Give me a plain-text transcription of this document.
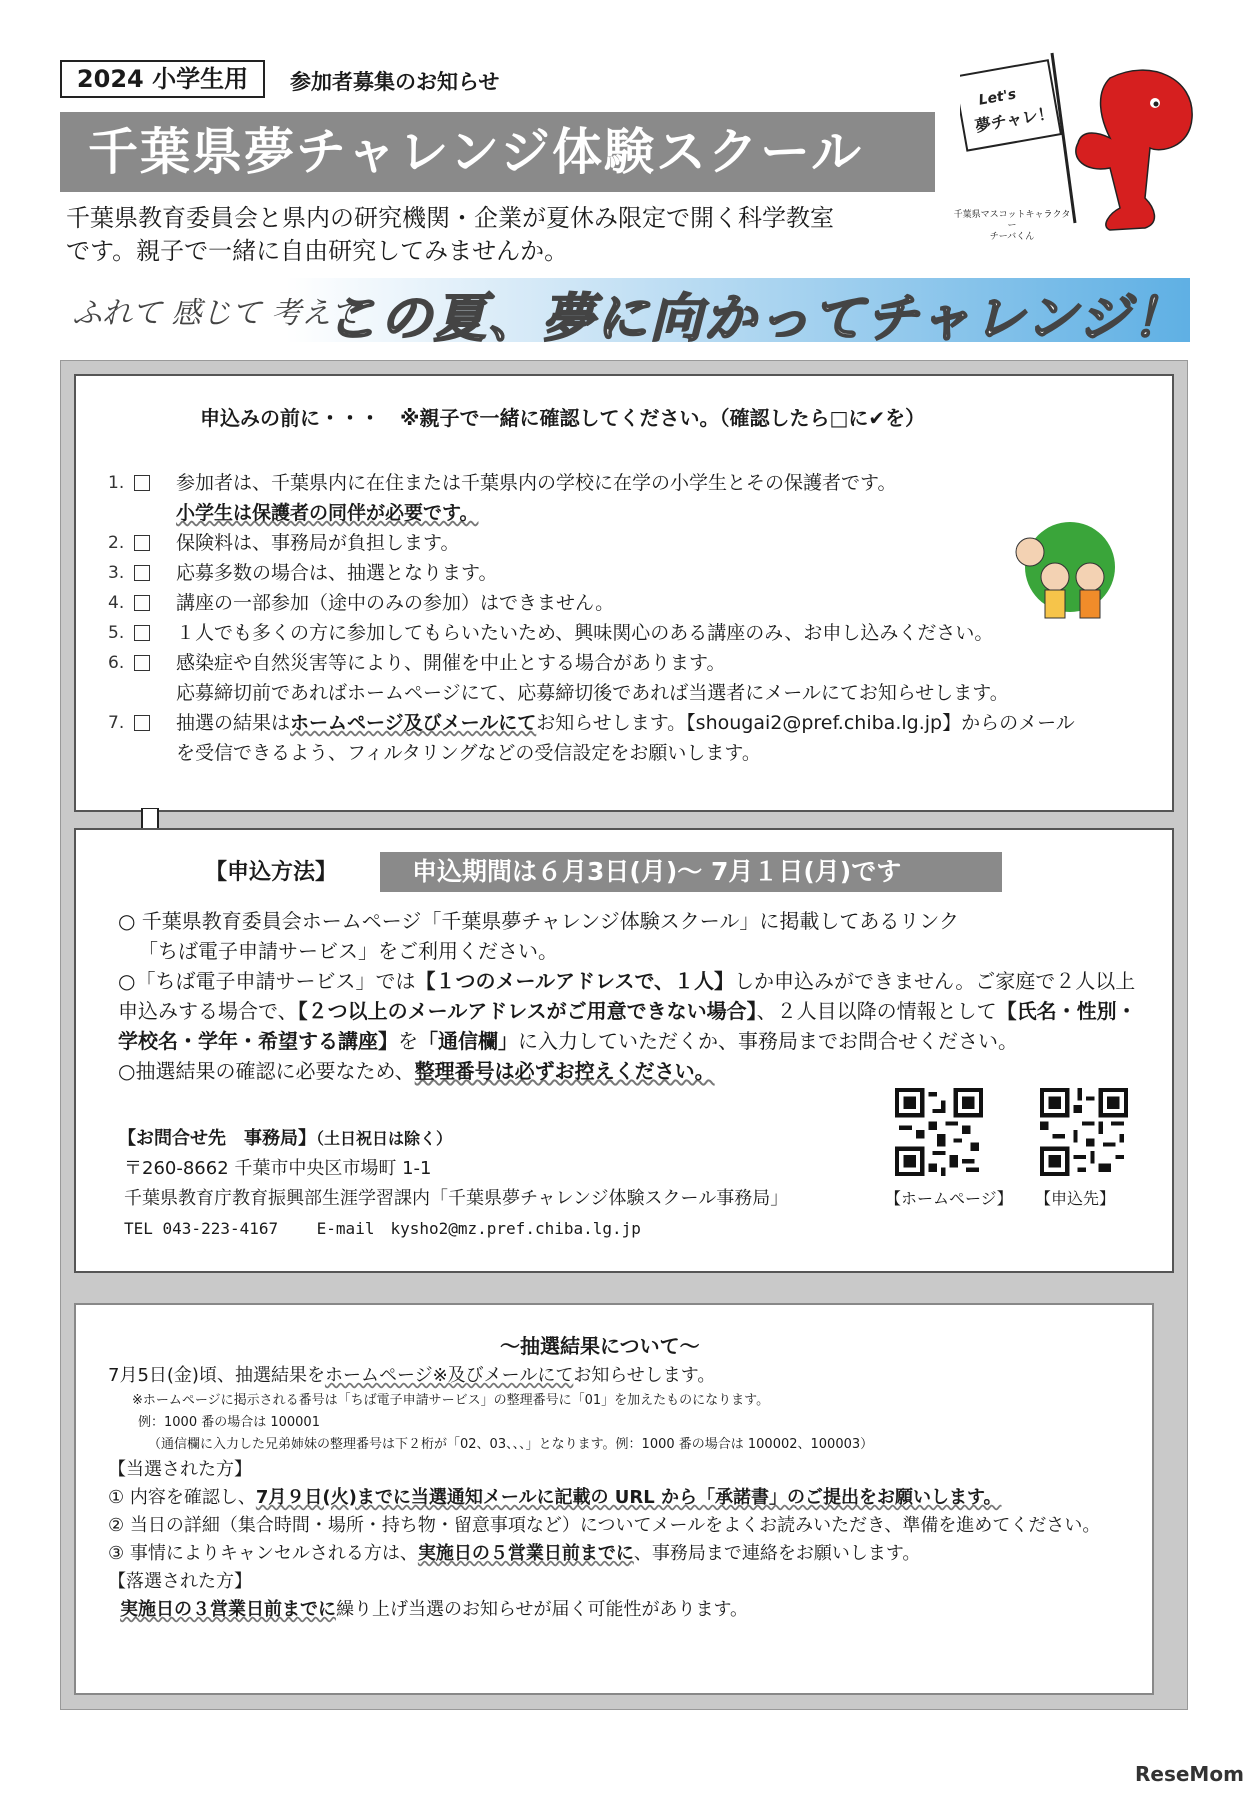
2024 小学生用	参加者募集のお知らせ
千葉県夢チャレンジ体験スクール
千葉県教育委員会と県内の研究機関・企業が夏休み限定で開く科学教室
です。親子で一緒に自由研究してみませんか。
ふれて 感じて 考えて
この夏、夢に向かってチャレンジ！
Let's
夢チャレ！
千葉県マスコットキャラクター
チーバくん
申込みの前に・・・　※親子で一緒に確認してください。（確認したら□に✔を）
1.	参加者は、千葉県内に在住または千葉県内の学校に在学の小学生とその保護者です。
小学生は保護者の同伴が必要です。
2.	保険料は、事務局が負担します。
3.	応募多数の場合は、抽選となります。
4.	講座の一部参加（途中のみの参加）はできません。
5.	１人でも多くの方に参加してもらいたいため、興味関心のある講座のみ、お申し込みください。
6.	感染症や自然災害等により、開催を中止とする場合があります。
応募締切前であればホームページにて、応募締切後であれば当選者にメールにてお知らせします。
7.	抽選の結果はホームページ及びメールにてお知らせします。【shougai2@pref.chiba.lg.jp】からのメール
を受信できるよう、フィルタリングなどの受信設定をお願いします。
【申込方法】	申込期間は６月3日(月)～ 7月１日(月)です
○ 千葉県教育委員会ホームページ「千葉県夢チャレンジ体験スクール」に掲載してあるリンク
「ちば電子申請サービス」をご利用ください。
○「ちば電子申請サービス」では【１つのメールアドレスで、１人】しか申込みができません。ご家庭で２人以上申込みする場合で、【２つ以上のメールアドレスがご用意できない場合】、２人目以降の情報として【氏名・性別・学校名・学年・希望する講座】を「通信欄」に入力していただくか、事務局までお問合せください。
○抽選結果の確認に必要なため、整理番号は必ずお控えください。
【お問合せ先　事務局】（土日祝日は除く）
〒260-8662 千葉市中央区市場町 1-1
千葉県教育庁教育振興部生涯学習課内「千葉県夢チャレンジ体験スクール事務局」
TEL 043-223-4167 E-mail　kysho2@mz.pref.chiba.lg.jp
【ホームページ】 【申込先】
～抽選結果について～
7月5日(金)頃、抽選結果をホームページ※及びメールにてお知らせします。
※ホームページに掲示される番号は「ちば電子申請サービス」の整理番号に「01」を加えたものになります。
例：1000 番の場合は 100001
（通信欄に入力した兄弟姉妹の整理番号は下２桁が「02、03、、、」となります。例：1000 番の場合は 100002、100003）
【当選された方】
① 内容を確認し、7月９日(火)までに当選通知メールに記載の URL から「承諾書」のご提出をお願いします。
② 当日の詳細（集合時間・場所・持ち物・留意事項など）についてメールをよくお読みいただき、準備を進めてください。
③ 事情によりキャンセルされる方は、実施日の５営業日前までに、事務局まで連絡をお願いします。
【落選された方】
実施日の３営業日前までに繰り上げ当選のお知らせが届く可能性があります。
ReseMom
